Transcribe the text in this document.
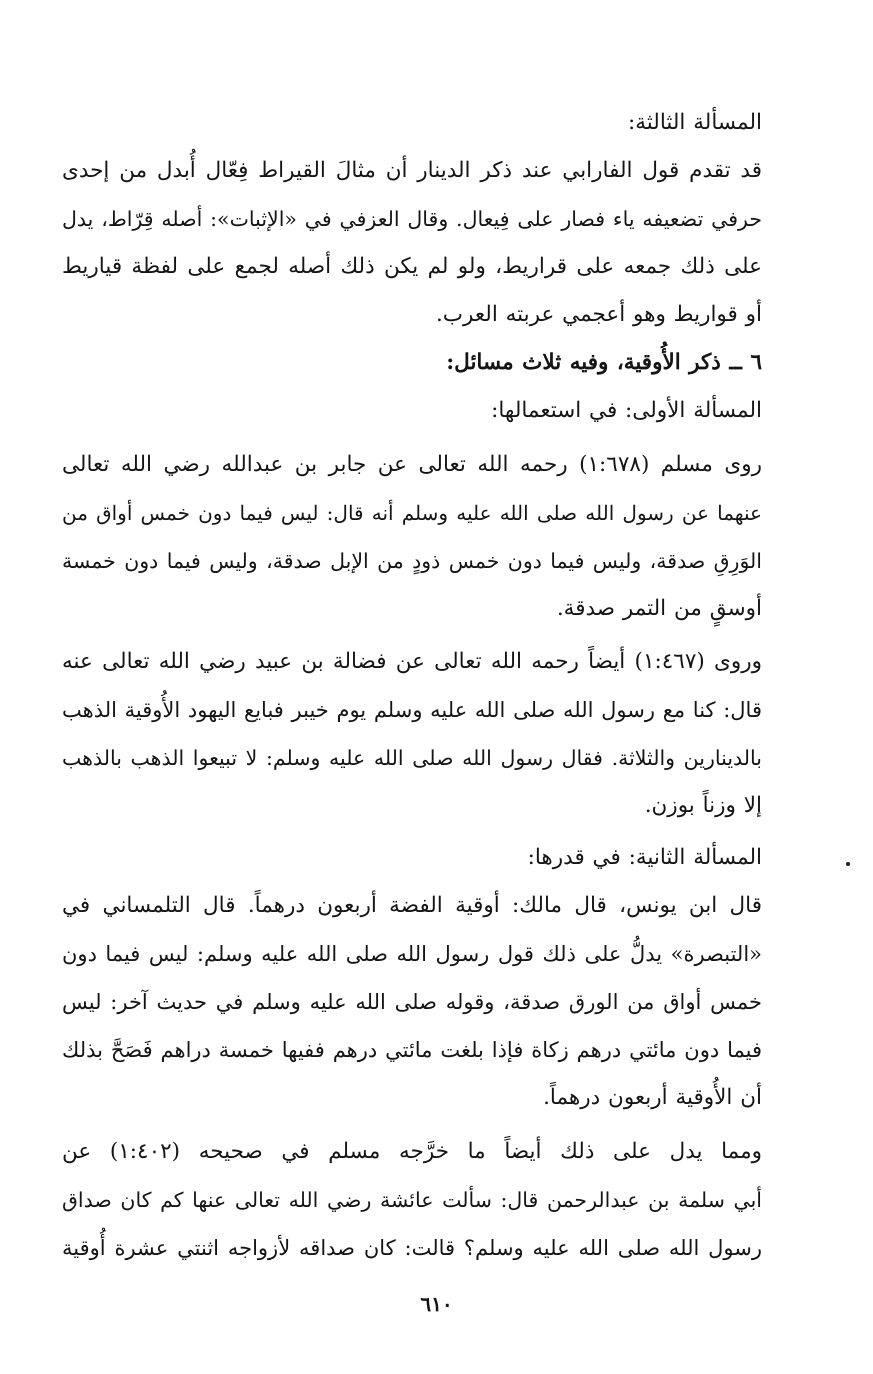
المسألة الثالثة:
قد تقدم قول الفارابي عند ذكر الدينار أن مثالَ القيراط فِعّال أُبدل من إحدى
حرفي تضعيفه ياء فصار على فِيعال. وقال العزفي في «الإثبات»: أصله قِرّاط، يدل
على ذلك جمعه على قراريط، ولو لم يكن ذلك أصله لجمع على لفظة قياريط
أو قواريط وهو أعجمي عربته العرب.
٦ ــ ذكر الأُوقية، وفيه ثلاث مسائل:
المسألة الأولى: في استعمالها:
روى مسلم (١:٦٧٨) رحمه الله تعالى عن جابر بن عبدالله رضي الله تعالى
عنهما عن رسول الله صلى الله عليه وسلم أنه قال: ليس فيما دون خمس أواق من
الوَرِقِ صدقة، وليس فيما دون خمس ذودٍ من الإبل صدقة، وليس فيما دون خمسة
أوسقٍ من التمر صدقة.
وروى (١:٤٦٧) أيضاً رحمه الله تعالى عن فضالة بن عبيد رضي الله تعالى عنه
قال: كنا مع رسول الله صلى الله عليه وسلم يوم خيبر فبايع اليهود الأُوقية الذهب
بالدينارين والثلاثة. فقال رسول الله صلى الله عليه وسلم: لا تبيعوا الذهب بالذهب
إلا وزناً بوزن.
المسألة الثانية: في قدرها:
قال ابن يونس، قال مالك: أوقية الفضة أربعون درهماً. قال التلمساني في
«التبصرة» يدلُّ على ذلك قول رسول الله صلى الله عليه وسلم: ليس فيما دون
خمس أواق من الورق صدقة، وقوله صلى الله عليه وسلم في حديث آخر: ليس
فيما دون مائتي درهم زكاة فإذا بلغت مائتي درهم ففيها خمسة دراهم فَصَحَّ بذلك
أن الأُوقية أربعون درهماً.
ومما يدل على ذلك أيضاً ما خرَّجه مسلم في صحيحه (١:٤٠٢) عن
أبي سلمة بن عبدالرحمن قال: سألت عائشة رضي الله تعالى عنها كم كان صداق
رسول الله صلى الله عليه وسلم؟ قالت: كان صداقه لأزواجه اثنتي عشرة أُوقية
٦١٠
